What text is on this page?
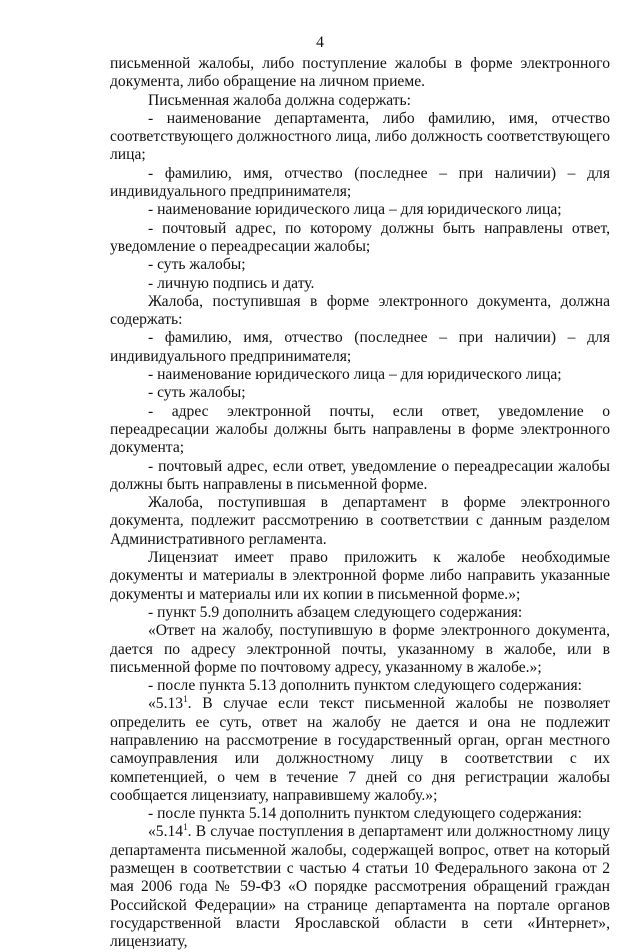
4

письменной жалобы, либо поступление жалобы в форме электронного документа, либо обращение на личном приеме.

Письменная жалоба должна содержать:

- наименование департамента, либо фамилию, имя, отчество соответствующего должностного лица, либо должность соответствующего лица;

- фамилию, имя, отчество (последнее – при наличии) – для индивидуального предпринимателя;

- наименование юридического лица – для юридического лица;

- почтовый адрес, по которому должны быть направлены ответ, уведомление о переадресации жалобы;

- суть жалобы;

- личную подпись и дату.

Жалоба, поступившая в форме электронного документа, должна содержать:

- фамилию, имя, отчество (последнее – при наличии) – для индивидуального предпринимателя;

- наименование юридического лица – для юридического лица;

- суть жалобы;

- адрес электронной почты, если ответ, уведомление о переадресации жалобы должны быть направлены в форме электронного документа;

- почтовый адрес, если ответ, уведомление о переадресации жалобы должны быть направлены в письменной форме.

Жалоба, поступившая в департамент в форме электронного документа, подлежит рассмотрению в соответствии с данным разделом Административного регламента.

Лицензиат имеет право приложить к жалобе необходимые документы и материалы в электронной форме либо направить указанные документы и материалы или их копии в письменной форме.»;

- пункт 5.9 дополнить абзацем следующего содержания:

«Ответ на жалобу, поступившую в форме электронного документа, дается по адресу электронной почты, указанному в жалобе, или в письменной форме по почтовому адресу, указанному в жалобе.»;

- после пункта 5.13 дополнить пунктом следующего содержания:

«5.13$^1$. В случае если текст письменной жалобы не позволяет определить ее суть, ответ на жалобу не дается и она не подлежит направлению на рассмотрение в государственный орган, орган местного самоуправления или должностному лицу в соответствии с их компетенцией, о чем в течение 7 дней со дня регистрации жалобы сообщается лицензиату, направившему жалобу.»;

- после пункта 5.14 дополнить пунктом следующего содержания:

«5.14$^1$. В случае поступления в департамент или должностному лицу департамента письменной жалобы, содержащей вопрос, ответ на который размещен в соответствии с частью 4 статьи 10 Федерального закона от 2 мая 2006 года № 59-ФЗ «О порядке рассмотрения обращений граждан Российской Федерации» на странице департамента на портале органов государственной власти Ярославской области в сети «Интернет», лицензиату,
